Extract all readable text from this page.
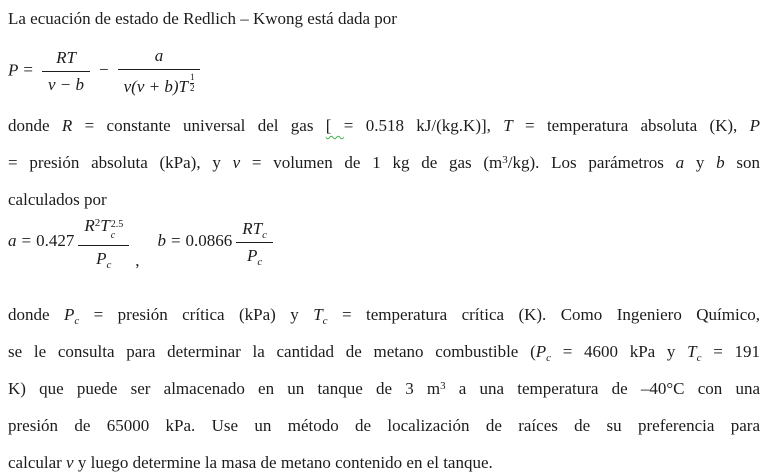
La ecuación de estado de Redlich – Kwong está dada por
$P = \frac{RT}{v - b} - \frac{a}{v(v + b)T \frac{1}{2}}$
donde R = constante universal del gas [ = 0.518 kJ/(kg.K)], T = temperatura absoluta (K), P
= presión absoluta (kPa), y v = volumen de 1 kg de gas $(m^3/kg)$. Los parámetros a y b son
calculados por
a = 0.427 $R^2T$ 2.5
c
$P_c$ $,b = 0.0866 \frac{RT_c}{P_c}$
donde $P_c$ = presión crítica (kPa) y $T_c$ = temperatura crítica (K). Como Ingeniero Químico,
se le consulta para determinar la cantidad de metano combustible ($P_c = 4600$ kPa y $T_c = 191$
K) que puede ser almacenado en un tanque de 3 $m^3$ a una temperatura de –40°C con una
presión de 65000 kPa. Use un método de localización de raíces de su preferencia para
calcular v y luego determine la masa de metano contenido en el tanque.
